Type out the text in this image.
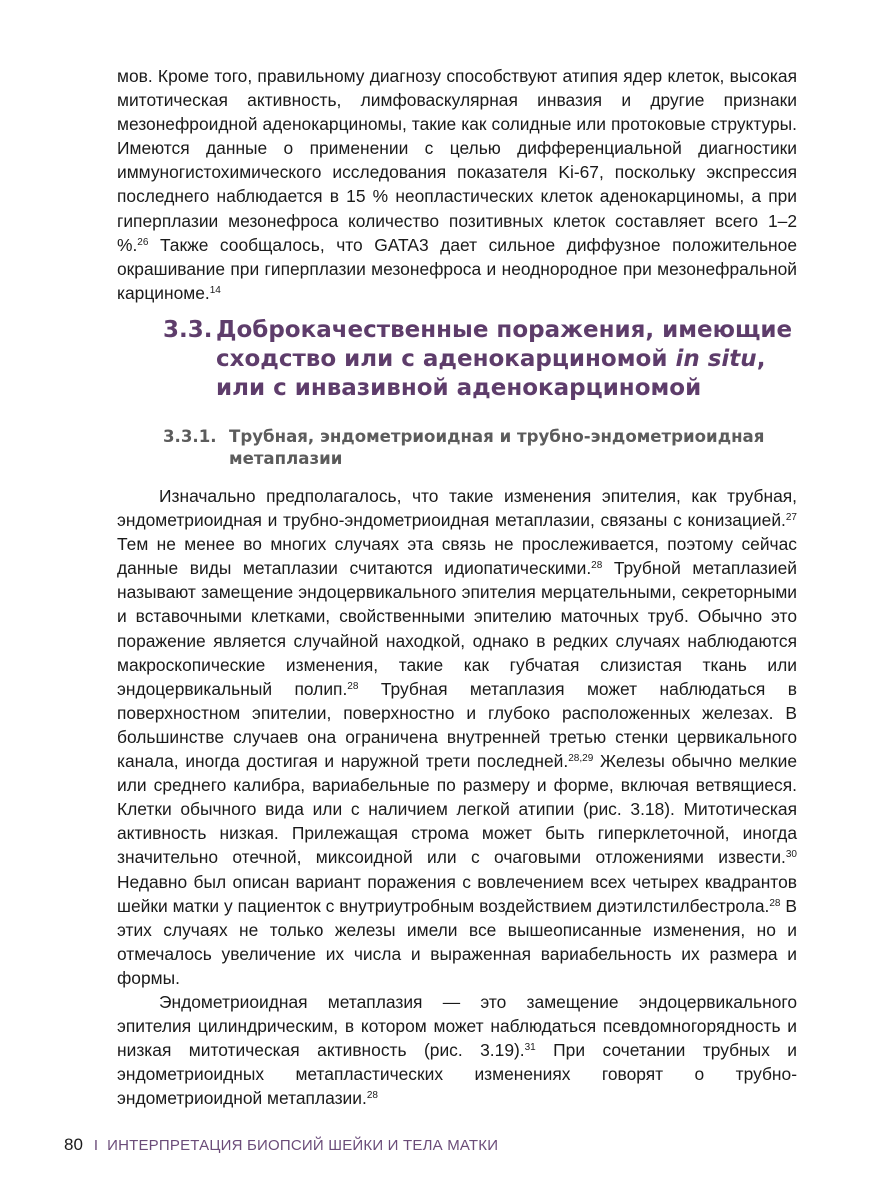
мов. Кроме того, правильному диагнозу способствуют атипия ядер клеток, высокая митотическая активность, лимфоваскулярная инвазия и другие признаки мезонефроидной аденокарциномы, такие как солидные или протоковые структуры. Имеются данные о применении с целью дифференциальной диагностики иммуногистохимического исследования показателя Ki-67, поскольку экспрессия последнего наблюдается в 15 % неопластических клеток аденокарциномы, а при гиперплазии мезонефроса количество позитивных клеток составляет всего 1–2 %.$^{26}$ Также сообщалось, что GATA3 дает сильное диффузное положительное окрашивание при гиперплазии мезонефроса и неоднородное при мезонефральной карциноме.$^{14}$

3.3. Доброкачественные поражения, имеющие сходство или с аденокарциномой in situ, или с инвазивной аденокарциномой
3.3.1. Трубная, эндометриоидная и трубно-эндометриоидная метаплазии

Изначально предполагалось, что такие изменения эпителия, как трубная, эндометриоидная и трубно-эндометриоидная метаплазии, связаны с конизацией.$^{27}$ Тем не менее во многих случаях эта связь не прослеживается, поэтому сейчас данные виды метаплазии считаются идиопатическими.$^{28}$ Трубной метаплазией называют замещение эндоцервикального эпителия мерцательными, секреторными и вставочными клетками, свойственными эпителию маточных труб. Обычно это поражение является случайной находкой, однако в редких случаях наблюдаются макроскопические изменения, такие как губчатая слизистая ткань или эндоцервикальный полип.$^{28}$ Трубная метаплазия может наблюдаться в поверхностном эпителии, поверхностно и глубоко расположенных железах. В большинстве случаев она ограничена внутренней третью стенки цервикального канала, иногда достигая и наружной трети последней.$^{28,29}$ Железы обычно мелкие или среднего калибра, вариабельные по размеру и форме, включая ветвящиеся. Клетки обычного вида или с наличием легкой атипии (рис. 3.18). Митотическая активность низкая. Прилежащая строма может быть гиперклеточной, иногда значительно отечной, миксоидной или с очаговыми отложениями извести.$^{30}$ Недавно был описан вариант поражения с вовлечением всех четырех квадрантов шейки матки у пациенток с внутриутробным воздействием диэтилстилбестрола.$^{28}$ В этих случаях не только железы имели все вышеописанные изменения, но и отмечалось увеличение их числа и выраженная вариабельность их размера и формы.

Эндометриоидная метаплазия — это замещение эндоцервикального эпителия цилиндрическим, в котором может наблюдаться псевдомногорядность и низкая митотическая активность (рис. 3.19).$^{31}$ При сочетании трубных и эндометриоидных метапластических изменениях говорят о трубно-эндометриоидной метаплазии.$^{28}$

80 I ИНТЕРПРЕТАЦИЯ БИОПСИЙ ШЕЙКИ И ТЕЛА МАТКИ
